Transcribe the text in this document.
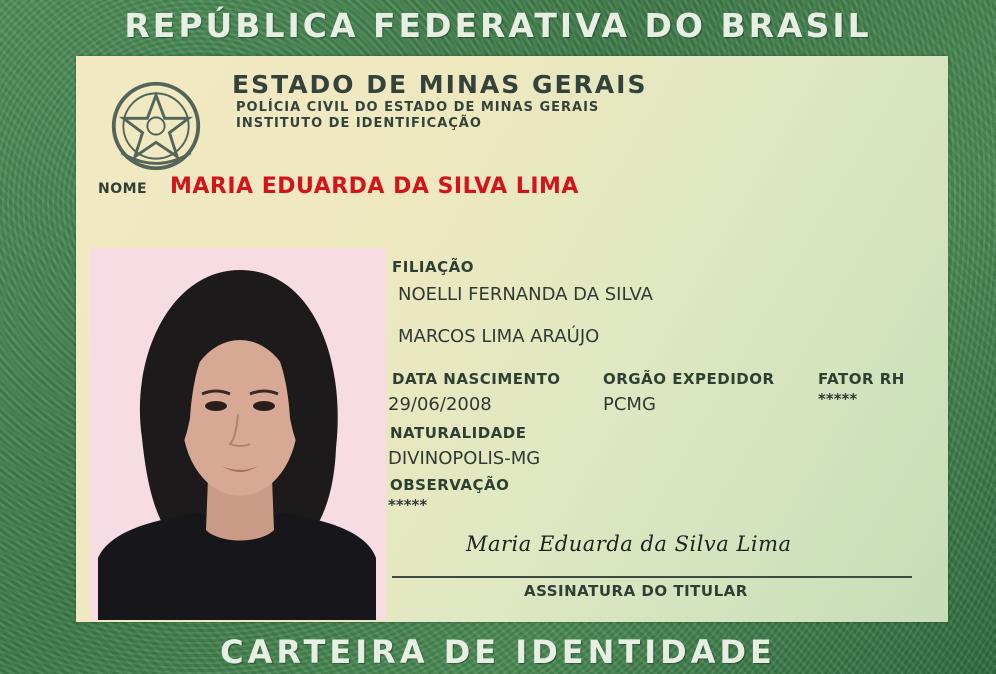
REPÚBLICA FEDERATIVA DO BRASIL
ESTADO DE MINAS GERAIS
POLÍCIA CIVIL DO ESTADO DE MINAS GERAIS
INSTITUTO DE IDENTIFICAÇÃO
NOME MARIA EDUARDA DA SILVA LIMA
FILIAÇÃO
NOELLI FERNANDA DA SILVA
MARCOS LIMA ARAÚJO
DATA NASCIMENTO
29/06/2008
ORGÃO EXPEDIDOR
PCMG
FATOR RH
*****
NATURALIDADE
DIVINOPOLIS-MG
OBSERVAÇÃO
*****
Maria Eduarda da Silva Lima
ASSINATURA DO TITULAR
CARTEIRA DE IDENTIDADE
